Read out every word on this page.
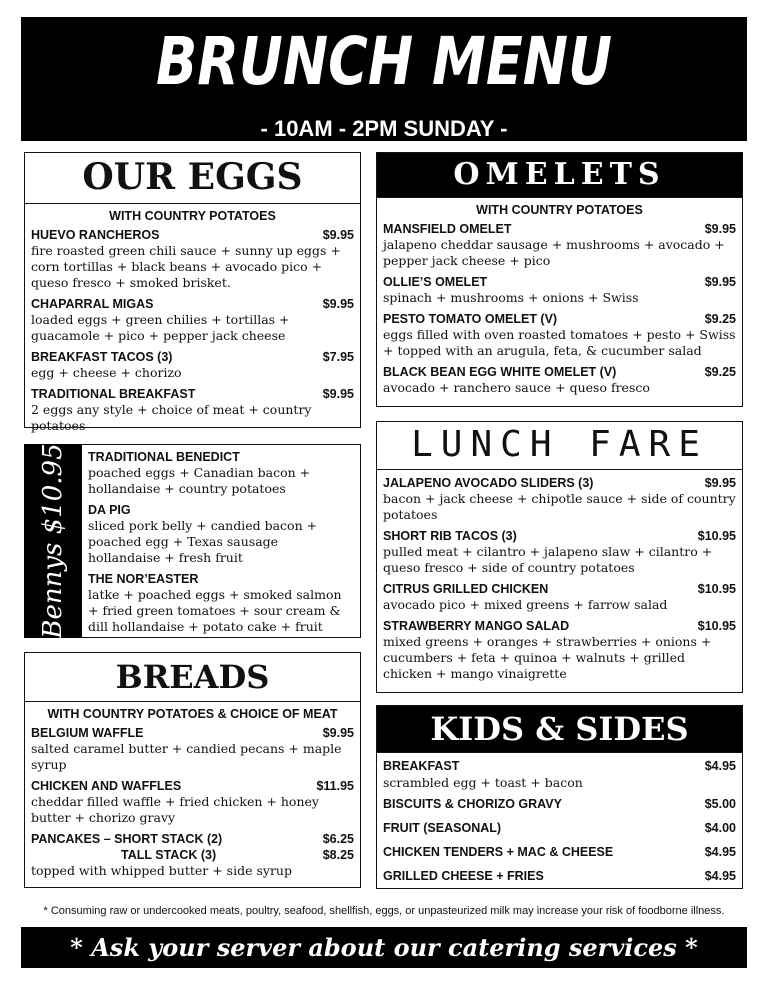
BRUNCH MENU
- 10AM - 2PM SUNDAY -
OUR EGGS
WITH COUNTRY POTATOES
HUEVO RANCHEROS	$9.95
fire roasted green chili sauce + sunny up eggs + corn tortillas + black beans + avocado pico + queso fresco + smoked brisket.
CHAPARRAL MIGAS	$9.95
loaded eggs + green chilies + tortillas + guacamole + pico + pepper jack cheese
BREAKFAST TACOS (3)	$7.95
egg + cheese + chorizo
TRADITIONAL BREAKFAST	$9.95
2 eggs any style + choice of meat + country potatoes
Bennys $10.95 TRADITIONAL BENEDICT
poached eggs + Canadian bacon + hollandaise + country potatoes
DA PIG
sliced pork belly + candied bacon + poached egg + Texas sausage hollandaise + fresh fruit
THE NOR’EASTER
latke + poached eggs + smoked salmon + fried green tomatoes + sour cream & dill hollandaise + potato cake + fruit
BREADS
WITH COUNTRY POTATOES & CHOICE OF MEAT
BELGIUM WAFFLE	$9.95
salted caramel butter + candied pecans + maple syrup
CHICKEN AND WAFFLES	$11.95
cheddar filled waffle + fried chicken + honey butter + chorizo gravy
PANCAKES – SHORT STACK (2)	$6.25
TALL STACK (3)	$8.25
topped with whipped butter + side syrup
OMELETS
WITH COUNTRY POTATOES
MANSFIELD OMELET	$9.95
jalapeno cheddar sausage + mushrooms + avocado + pepper jack cheese + pico
OLLIE’S OMELET	$9.95
spinach + mushrooms + onions + Swiss
PESTO TOMATO OMELET (V)	$9.25
eggs filled with oven roasted tomatoes + pesto + Swiss + topped with an arugula, feta, & cucumber salad
BLACK BEAN EGG WHITE OMELET (V)	$9.25
avocado + ranchero sauce + queso fresco
LUNCH FARE
JALAPENO AVOCADO SLIDERS (3)	$9.95
bacon + jack cheese + chipotle sauce + side of country potatoes
SHORT RIB TACOS (3)	$10.95
pulled meat + cilantro + jalapeno slaw + cilantro + queso fresco + side of country potatoes
CITRUS GRILLED CHICKEN	$10.95
avocado pico + mixed greens + farrow salad
STRAWBERRY MANGO SALAD	$10.95
mixed greens + oranges + strawberries + onions + cucumbers + feta + quinoa + walnuts + grilled chicken + mango vinaigrette
KIDS & SIDES
BREAKFAST	$4.95
scrambled egg + toast + bacon
BISCUITS & CHORIZO GRAVY	$5.00
FRUIT (SEASONAL)	$4.00
CHICKEN TENDERS + MAC & CHEESE	$4.95
GRILLED CHEESE + FRIES	$4.95
* Consuming raw or undercooked meats, poultry, seafood, shellfish, eggs, or unpasteurized milk may increase your risk of foodborne illness.
* Ask your server about our catering services *
